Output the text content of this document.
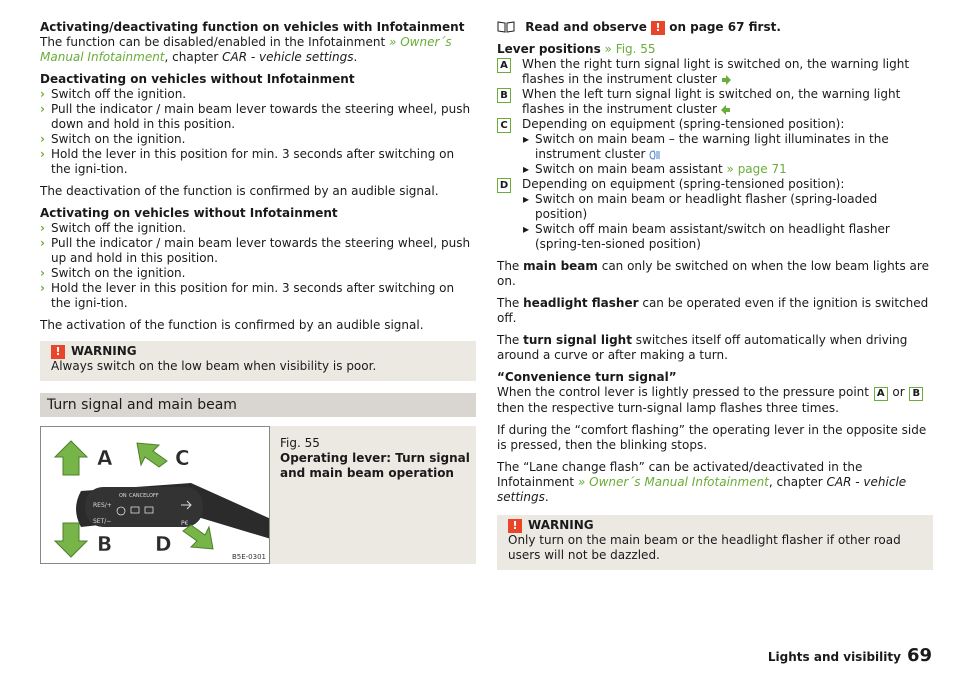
Activating/deactivating function on vehicles with Infotainment

The function can be disabled/enabled in the Infotainment » Owner´s Manual Infotainment, chapter CAR - vehicle settings.

Deactivating on vehicles without Infotainment

› Switch off the ignition.
› Pull the indicator / main beam lever towards the steering wheel, push down and hold in this position.
› Switch on the ignition.
› Hold the lever in this position for min. 3 seconds after switching on the igni-tion.

The deactivation of the function is confirmed by an audible signal.

Activating on vehicles without Infotainment

› Switch off the ignition.
› Pull the indicator / main beam lever towards the steering wheel, push up and hold in this position.
› Switch on the ignition.
› Hold the lever in this position for min. 3 seconds after switching on the igni-tion.

The activation of the function is confirmed by an audible signal.

! WARNING

Always switch on the low beam when visibility is poor.

Turn signal and main beam
RES/+
ON CANCEL OFF
SET/−	P€
A	C
B D
B5E-0301

Fig. 55

Operating lever: Turn signal and main beam operation

Read and observe ! on page 67 first.

Lever positions » Fig. 55

A When the right turn signal light is switched on, the warning light flashes in the instrument cluster
B When the left turn signal light is switched on, the warning light flashes in the instrument cluster
C Depending on equipment (spring-tensioned position):
▸ Switch on main beam – the warning light illuminates in the instrument cluster
▸ Switch on main beam assistant » page 71
D Depending on equipment (spring-tensioned position):
▸ Switch on main beam or headlight flasher (spring-loaded position)
▸ Switch off main beam assistant/switch on headlight flasher (spring-ten-sioned position)

The main beam can only be switched on when the low beam lights are on.

The headlight flasher can be operated even if the ignition is switched off.

The turn signal light switches itself off automatically when driving around a curve or after making a turn.

“Convenience turn signal”

When the control lever is lightly pressed to the pressure point A or B then the respective turn-signal lamp flashes three times.

If during the “comfort flashing” the operating lever in the opposite side is pressed, then the blinking stops.

The “Lane change flash” can be activated/deactivated in the Infotainment » Owner´s Manual Infotainment, chapter CAR - vehicle settings.

! WARNING

Only turn on the main beam or the headlight flasher if other road users will not be dazzled.

Lights and visibility 69
